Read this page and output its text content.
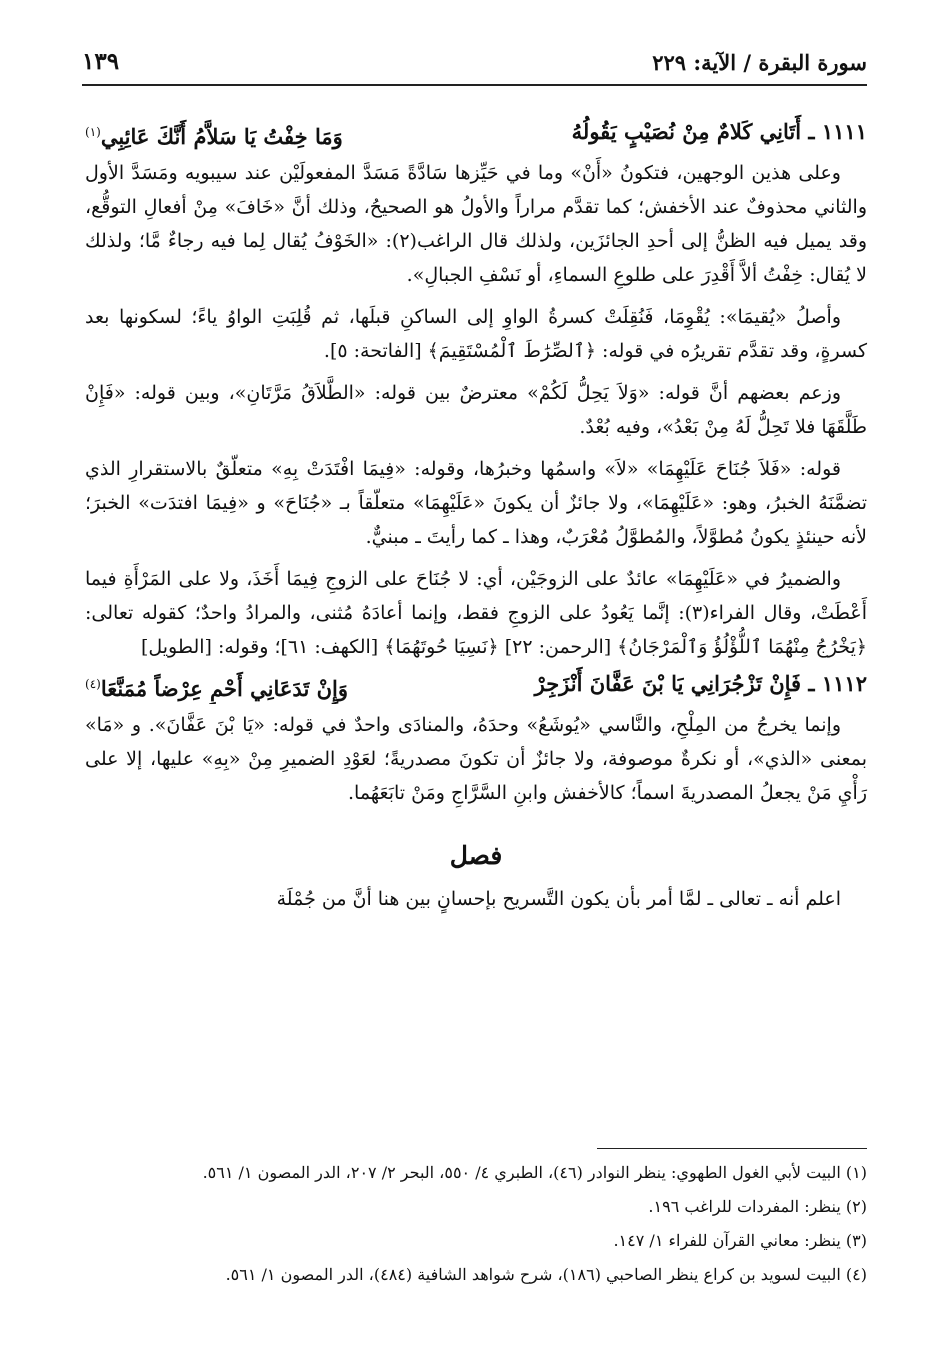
سورة البقرة / الآية: ٢٢٩
١٣٩
١١١١ ـ أَتَانِي كَلامٌ مِنْ نُصَيْبٍ يَقُولُهُ
وَمَا خِفْتُ يَا سَلاَّمُ أَنَّكَ عَائِبِي$^{(١)}$

وعلى هذين الوجهين، فتكونُ «أَنْ» وما في حَيِّزها سَادَّةً مَسَدَّ المفعولَيْن عند سيبويه ومَسَدَّ الأول والثاني محذوفٌ عند الأخفش؛ كما تقدَّم مراراً والأولُ هو الصحيحُ، وذلك أنَّ «خَافَ» مِنْ أفعالِ التوقُّع، وقد يميل فيه الظنُّ إلى أحدِ الجائزَين، ولذلك قال الراغب(٢): «الخَوْفُ يُقال لِما فيه رجاءٌ مَّا؛ ولذلك لا يُقال: خِفْتُ ألاَّ أَقْدِرَ على طلوعِ السماءِ، أو نَسْفِ الجبالِ».

وأصلُ «يُقيمَا»: يُقْوِمَا، فَنُقِلَتْ كسرةُ الواوِ إلى الساكنِ قبلَها، ثم قُلِبَتِ الواوُ ياءً؛ لسكونها بعد كسرةٍ، وقد تقدَّم تقريرُه في قوله: ﴿ٱلصِّرَٰطَ ٱلْمُسْتَقِيمَ﴾ [الفاتحة: ٥].

وزعم بعضهم أنَّ قوله: «وَلاَ يَحِلُّ لَكُمْ» معترضٌ بين قوله: «الطَّلاَقُ مَرَّتَانِ»، وبين قوله: «فَإِنْ طَلَّقَهَا فلا تَحِلُّ لَهُ مِنْ بَعْدُ»، وفيه بُعْدٌ.

قوله: «فَلاَ جُنَاحَ عَلَيْهِمَا» «لاَ» واسمُها وخبرُها، وقوله: «فِيمَا افْتَدَتْ بِهِ» متعلّقٌ بالاستقرارِ الذي تضمَّنَهُ الخبرُ، وهو: «عَلَيْهِمَا»، ولا جائزٌ أن يكونَ «عَلَيْهِمَا» متعلّقاً بـ «جُنَاحَ» و «فِيمَا افتدَت» الخبرَ؛ لأنه حينئذٍ يكونُ مُطوَّلاً، والمُطوَّلُ مُعْرَبٌ، وهذا ـ كما رأيتَ ـ مبنيٌّ.

والضميرُ في «عَلَيْهِمَا» عائدٌ على الزوجَيْن، أي: لا جُنَاحَ على الزوجِ فِيمَا أَخَذَ، ولا على المَرْأَةِ فيما أَعْطَتْ، وقال الفراء(٣): إنَّما يَعُودُ على الزوجِ فقط، وإنما أعادَهُ مُثنى، والمرادُ واحدٌ؛ كقوله تعالى: ﴿يَخْرُجُ مِنْهُمَا ٱللُّؤْلُؤُ وَٱلْمَرْجَانُ﴾ [الرحمن: ٢٢] ﴿نَسِيَا حُوتَهُمَا﴾ [الكهف: ٦١]؛ وقوله: [الطويل]

١١١٢ ـ فَإِنْ تَزْجُرَانِي يَا بْنَ عَفَّانَ أَنْزَجِرْ
وَإِنْ تَدَعَانِي أَحْمِ عِرْضاً مُمَنَّعَا$^{(٤)}$

وإنما يخرجُ من المِلْحِ، والنَّاسي «يُوشَعُ» وحدَهُ، والمنادَى واحدٌ في قوله: «يَا بْنَ عَفَّانَ». و «مَا» بمعنى «الذي»، أو نكرةٌ موصوفة، ولا جائزٌ أن تكونَ مصدريةً؛ لعَوْدِ الضميرِ مِنْ «بِهِ» عليها، إلا على رَأْيِ مَنْ يجعلُ المصدريةَ اسماً؛ كالأخفش وابنِ السَّرَّاجِ ومَنْ تابَعَهُما.

فصل

اعلم أنه ـ تعالى ـ لمَّا أمر بأن يكون التَّسريح بإحسانٍ بين هنا أنَّ من جُمْلَة

(١) البيت لأبي الغول الطهوي: ينظر النوادر (٤٦)، الطبري ٤/ ٥٥٠، البحر ٢/ ٢٠٧، الدر المصون ١/ ٥٦١.
(٢) ينظر: المفردات للراغب ١٩٦.
(٣) ينظر: معاني القرآن للفراء ١/ ١٤٧.
(٤) البيت لسويد بن كراع ينظر الصاحبي (١٨٦)، شرح شواهد الشافية (٤٨٤)، الدر المصون ١/ ٥٦١.
